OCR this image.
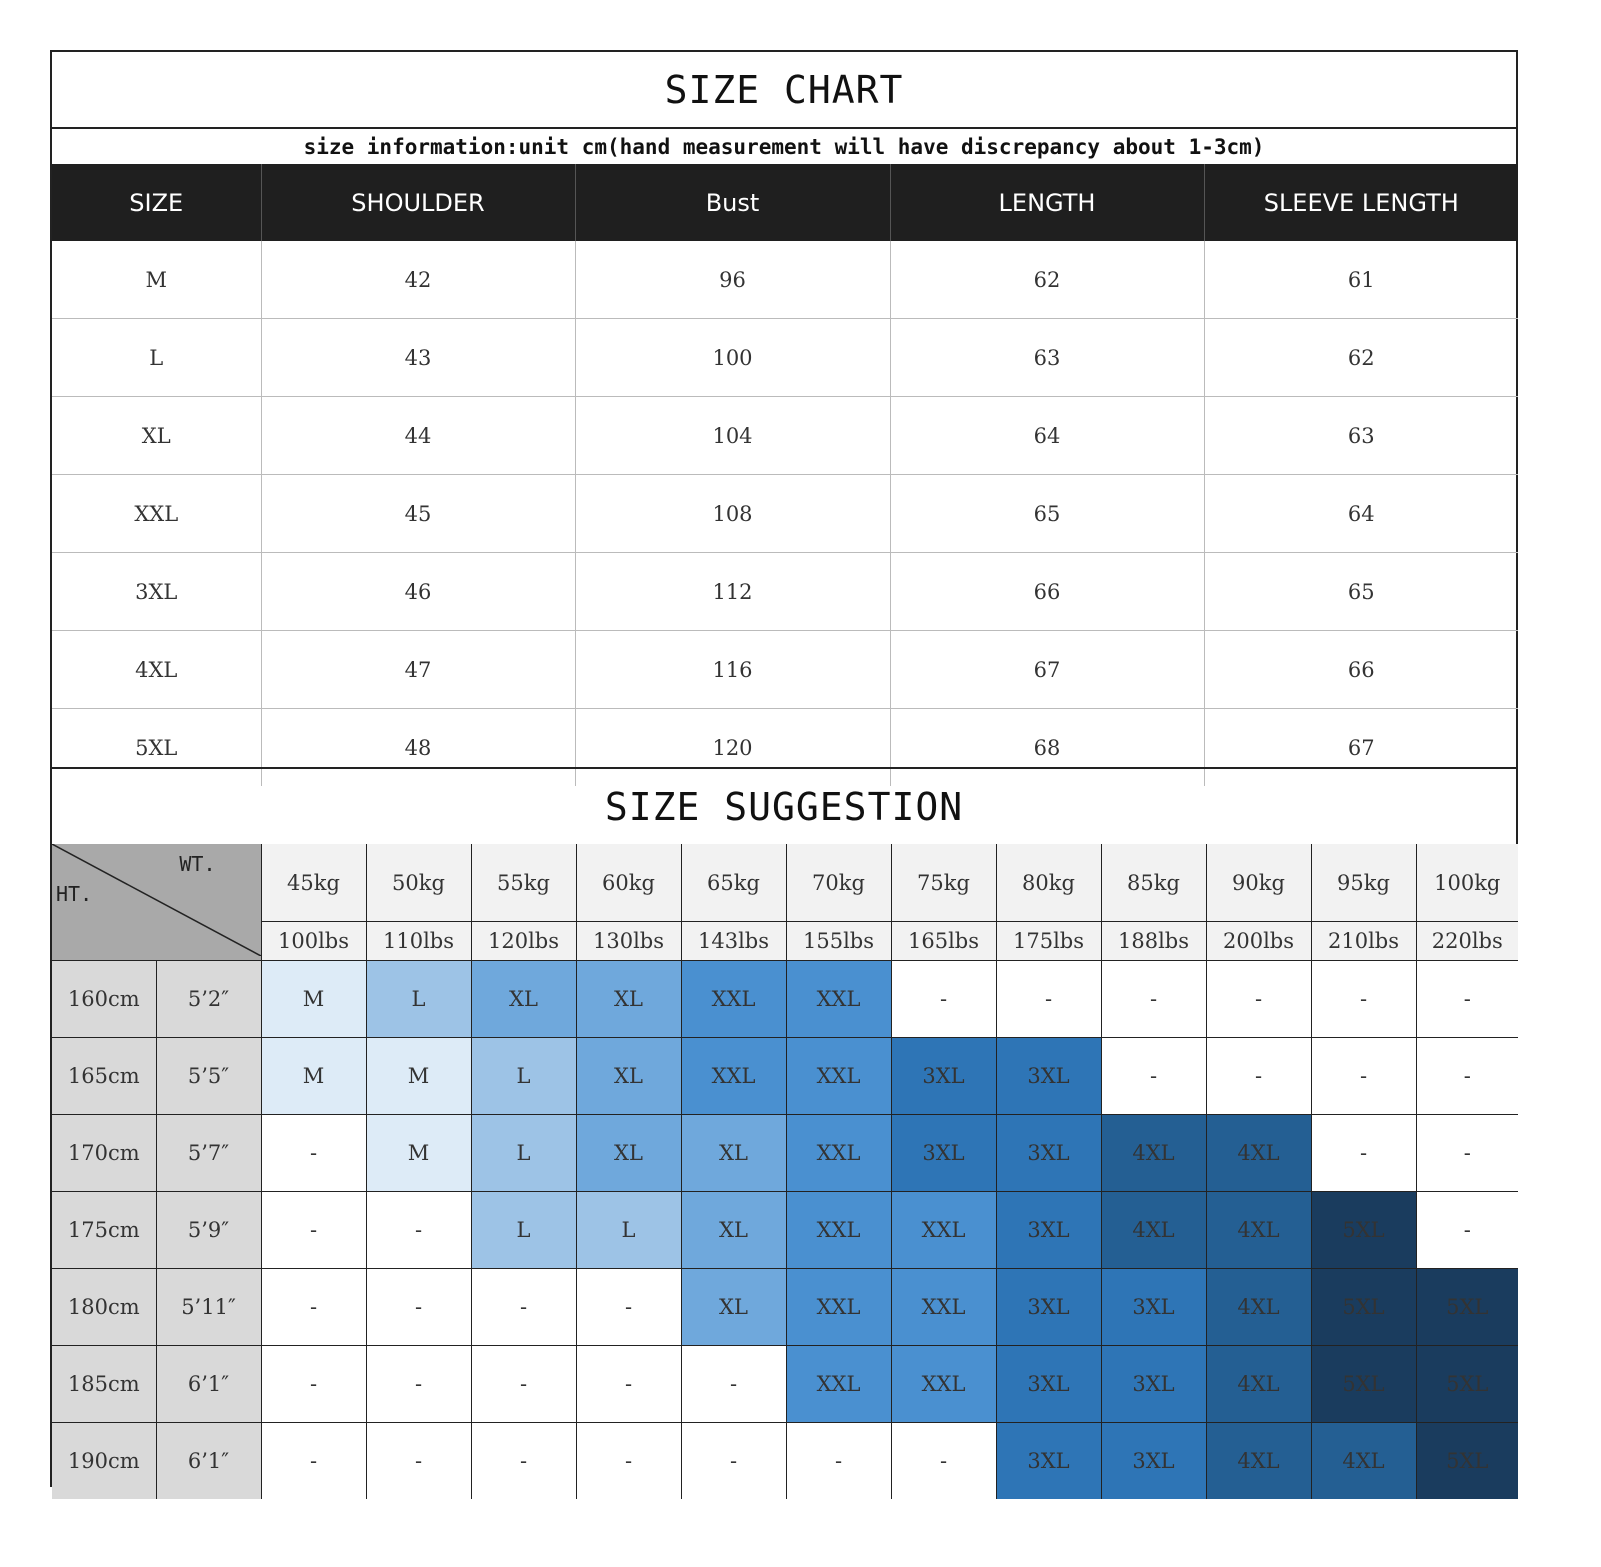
SIZE CHART
size information:unit cm(hand measurement will have discrepancy about 1-3cm)
SIZE	SHOULDER	Bust	LENGTH	SLEEVE LENGTH
M	42	96	62	61
L	43	100	63	62
XL	44	104	64	63
XXL	45	108	65	64
3XL	46	112	66	65
4XL	47	116	67	66
5XL	48	120	68	67
SIZE SUGGESTION
WT.
HT.		45kg	50kg	55kg	60kg	65kg	70kg	75kg	80kg	85kg	90kg	95kg	100kg
		100lbs	110lbs	120lbs	130lbs	143lbs	155lbs	165lbs	175lbs	188lbs	200lbs	210lbs	220lbs
160cm	5’2″	M	L	XL	XL	XXL	XXL	-	-	-	-	-	-
165cm	5’5″	M	M	L	XL	XXL	XXL	3XL	3XL	-	-	-	-
170cm	5’7″	-	M	L	XL	XL	XXL	3XL	3XL	4XL	4XL	-	-
175cm	5’9″	-	-	L	L	XL	XXL	XXL	3XL	4XL	4XL	5XL	-
180cm	5’11″	-	-	-	-	XL	XXL	XXL	3XL	3XL	4XL	5XL	5XL
185cm	6’1″	-	-	-	-	-	XXL	XXL	3XL	3XL	4XL	5XL	5XL
190cm	6’1″	-	-	-	-	-	-	-	3XL	3XL	4XL	4XL	5XL
